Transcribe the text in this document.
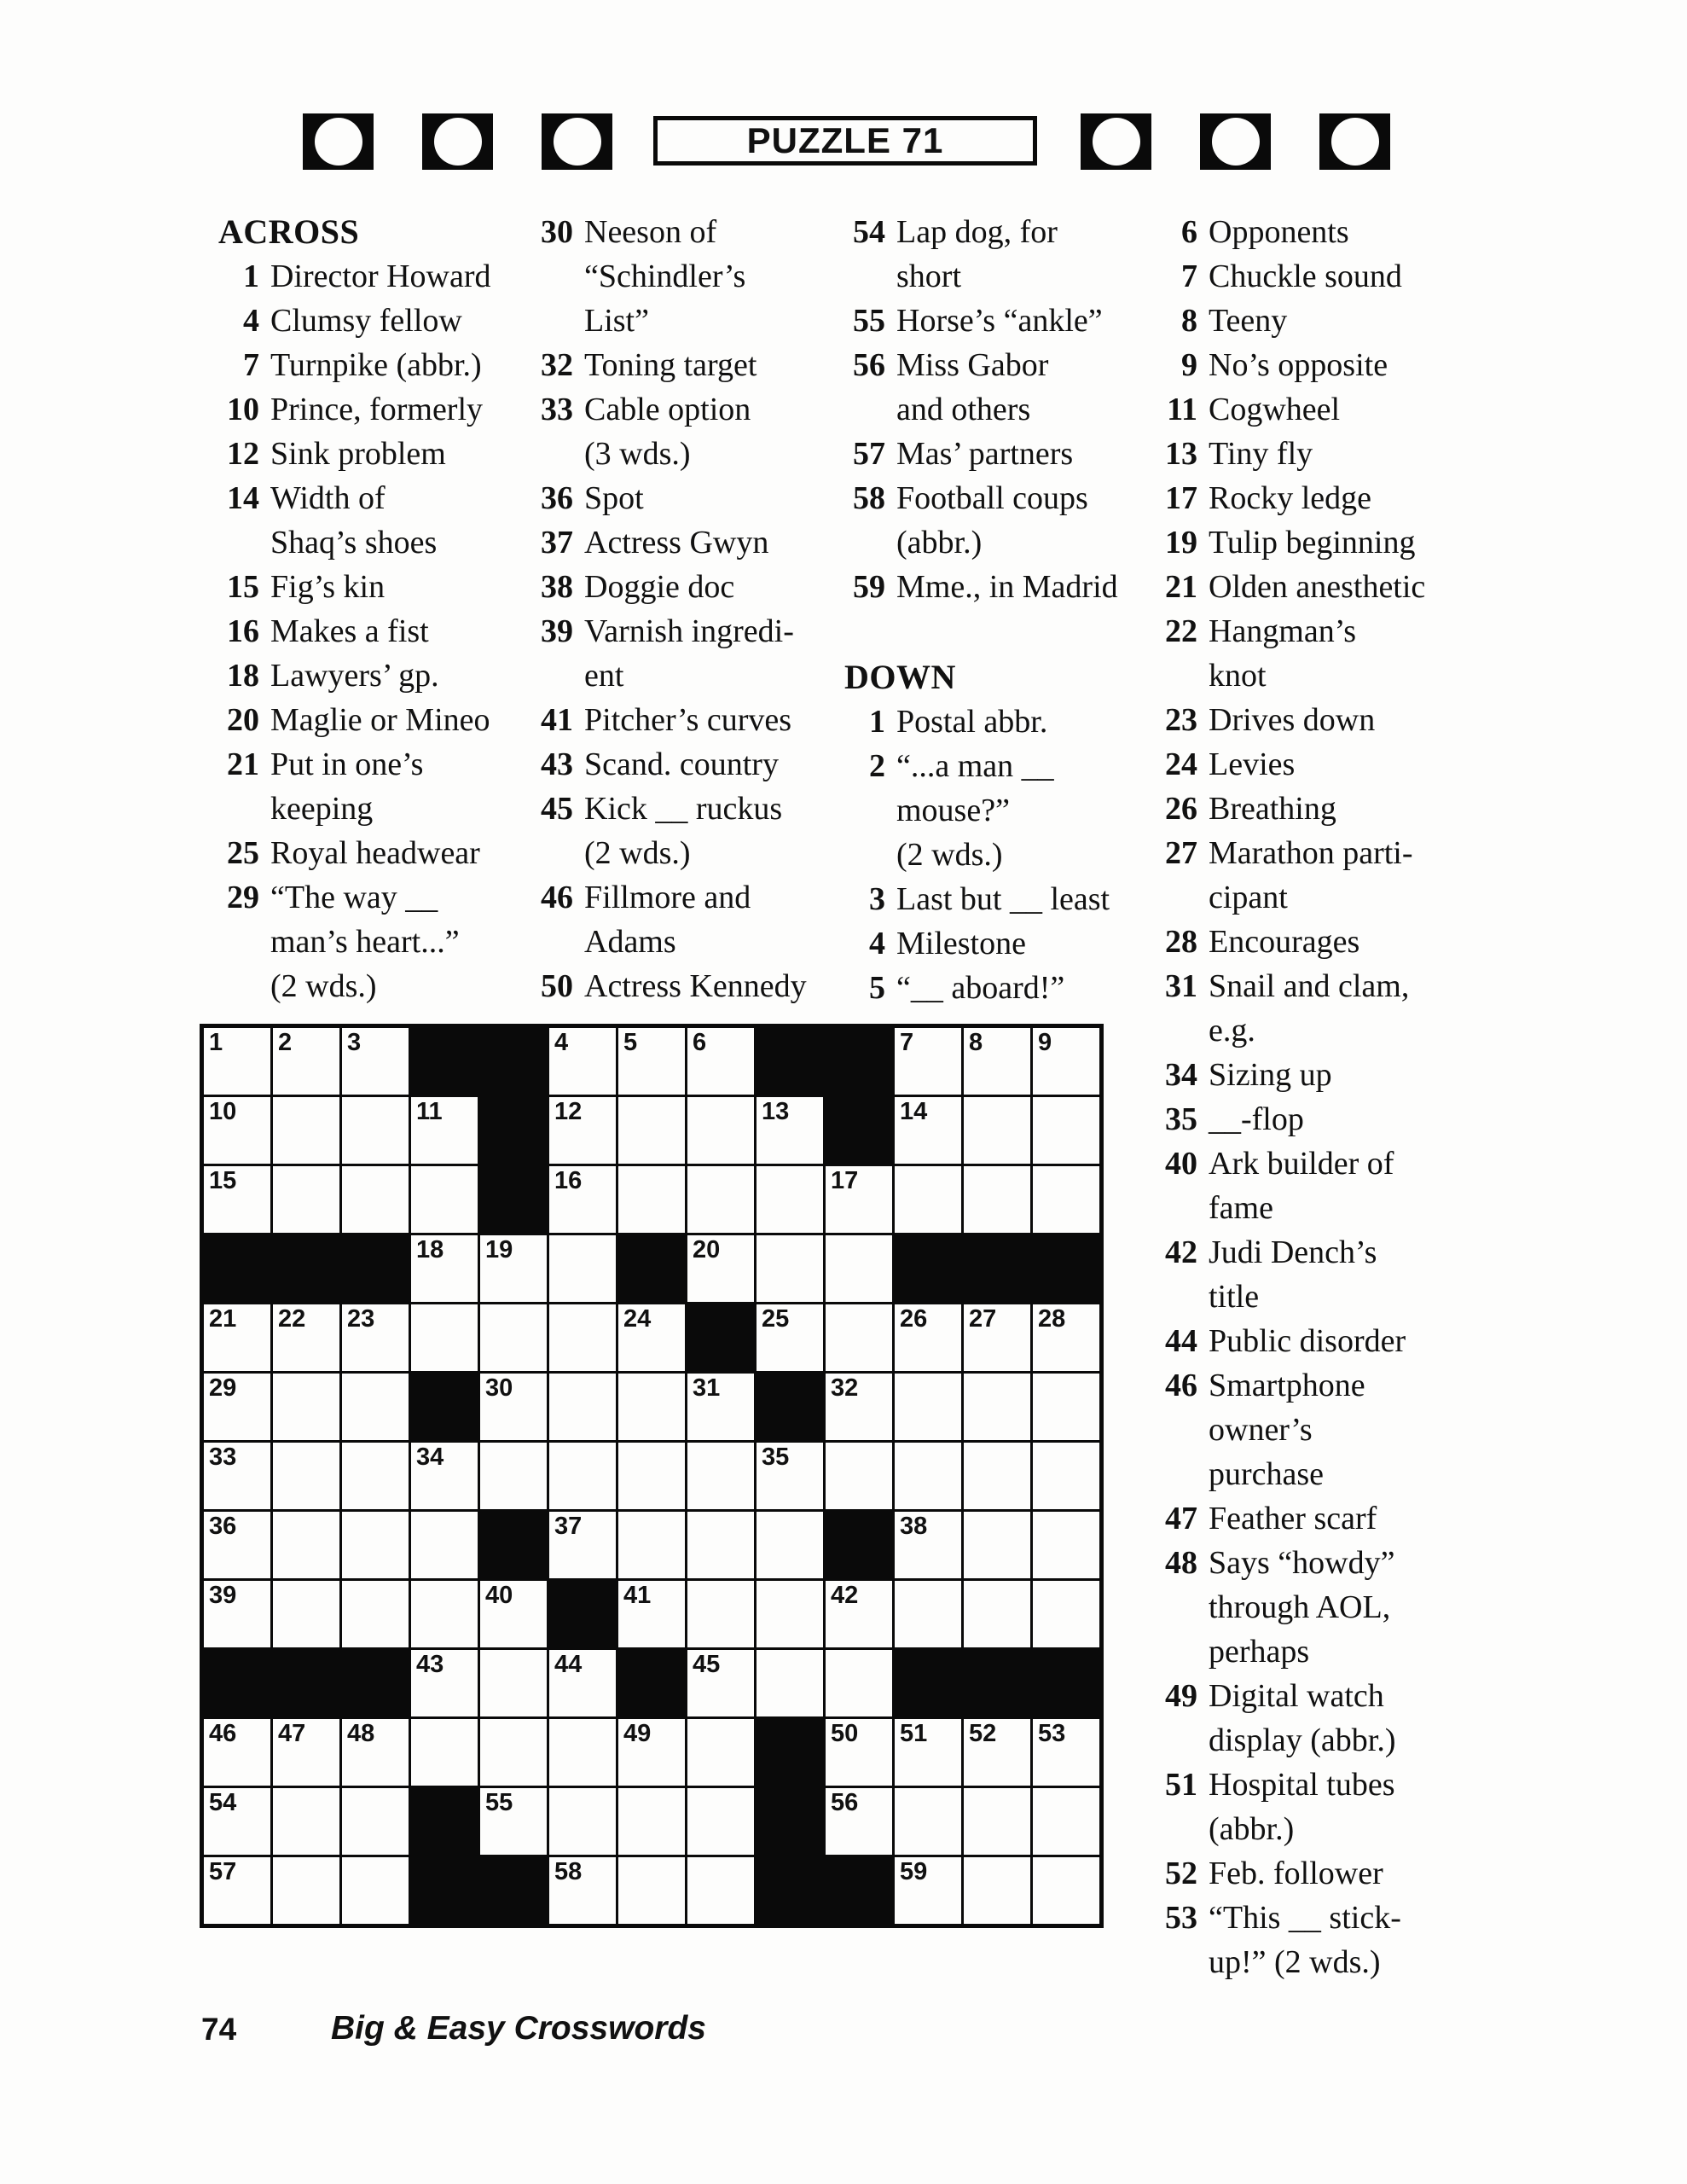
PUZZLE 71
ACROSS
1 Director Howard
4 Clumsy fellow
7 Turnpike (abbr.)
10 Prince, formerly
12 Sink problem
14 Width of
Shaq’s shoes
15 Fig’s kin
16 Makes a fist
18 Lawyers’ gp.
20 Maglie or Mineo
21 Put in one’s
keeping
25 Royal headwear
29 “The way __
man’s heart...”
(2 wds.)
30 Neeson of
“Schindler’s
List”
32 Toning target
33 Cable option
(3 wds.)
36 Spot
37 Actress Gwyn
38 Doggie doc
39 Varnish ingredi-
ent
41 Pitcher’s curves
43 Scand. country
45 Kick __ ruckus
(2 wds.)
46 Fillmore and
Adams
50 Actress Kennedy
54 Lap dog, for
short
55 Horse’s “ankle”
56 Miss Gabor
and others
57 Mas’ partners
58 Football coups
(abbr.)
59 Mme., in Madrid
DOWN
1 Postal abbr.
2 “...a man __
mouse?”
(2 wds.)
3 Last but __ least
4 Milestone
5 “__ aboard!”
6 Opponents
7 Chuckle sound
8 Teeny
9 No’s opposite
11 Cogwheel
13 Tiny fly
17 Rocky ledge
19 Tulip beginning
21 Olden anesthetic
22 Hangman’s
knot
23 Drives down
24 Levies
26 Breathing
27 Marathon parti-
cipant
28 Encourages
31 Snail and clam,
e.g.
34 Sizing up
35 __-flop
40 Ark builder of
fame
42 Judi Dench’s
title
44 Public disorder
46 Smartphone
owner’s
purchase
47 Feather scarf
48 Says “howdy”
through AOL,
perhaps
49 Digital watch
display (abbr.)
51 Hospital tubes
(abbr.)
52 Feb. follower
53 “This __ stick-
up!” (2 wds.)
1 2 3	4 5 6	7 8 9
10	11	12	13	14
15	16	17
18 19	20
21 22 23	24	25	26 27 28
29	30	31	32
33	34	35
36	37	38
39	40	41	42
43	44	45
46 47 48	49	50 51 52 53
54	55	56
57	58	59
74	Big & Easy Crosswords
